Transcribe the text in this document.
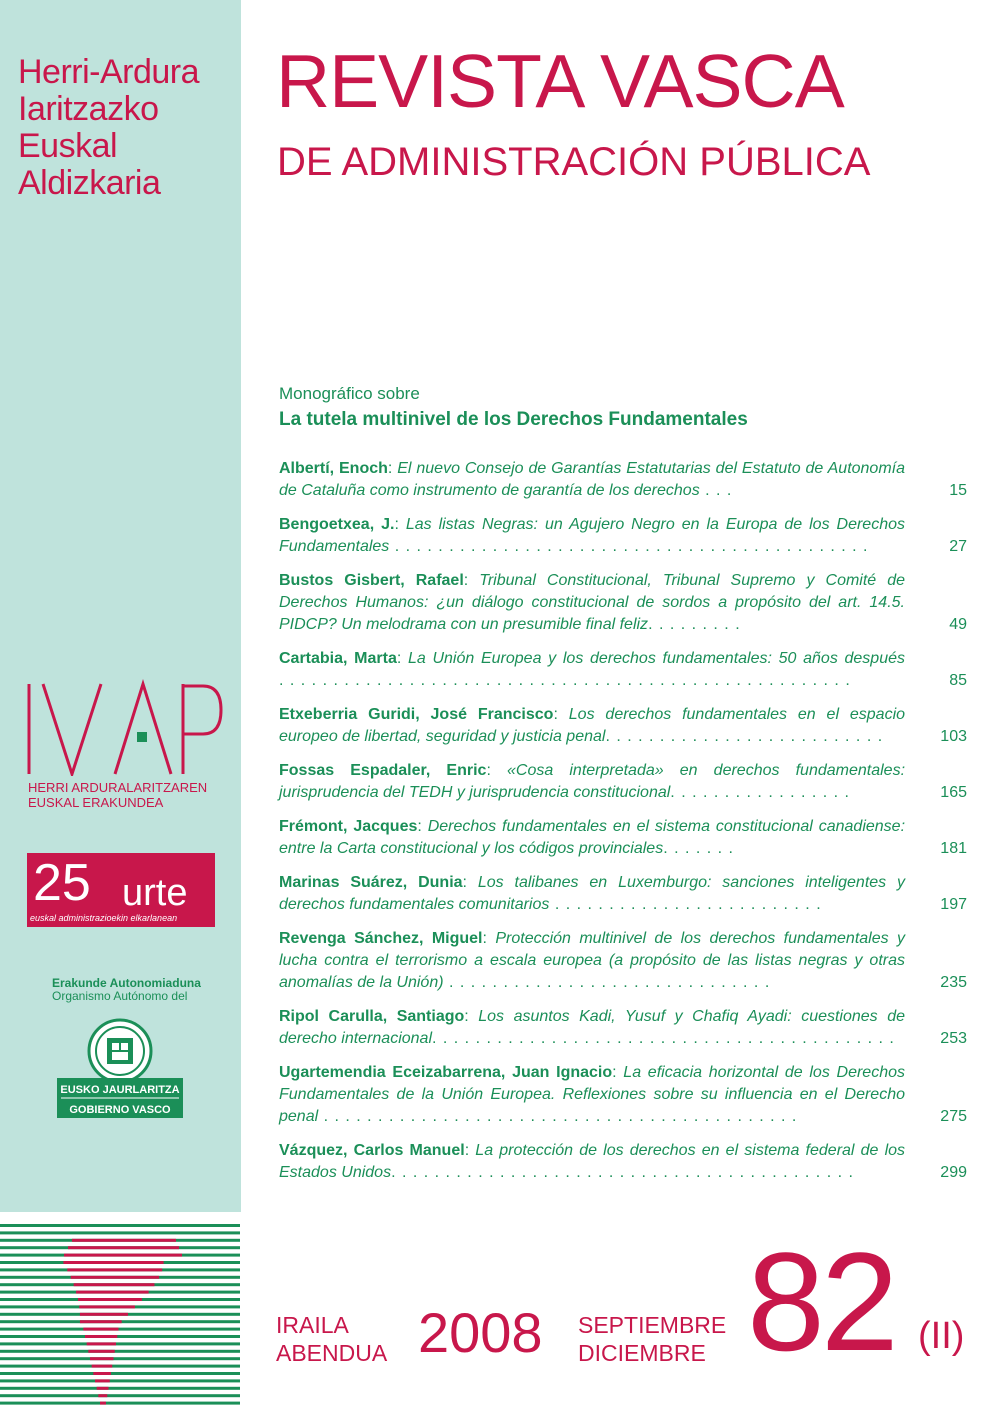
Herri-Ardura
Iaritzazko
Euskal
Aldizkaria
REVISTA VASCA
DE ADMINISTRACIÓN PÚBLICA
Monográfico sobre
La tutela multinivel de los Derechos Fundamentales
Albertí, Enoch: El nuevo Consejo de Garantías Estatutarias del Estatuto de Autonomía de Cataluña como instrumento de garantía de los derechos . . .	15
Bengoetxea, J.: Las listas Negras: un Agujero Negro en la Europa de los Derechos Fundamentales . . . . . . . . . . . . . . . . . . . . . . . . . . . . . . . . . . . . . . . . . . . .	27
Bustos Gisbert, Rafael: Tribunal Constitucional, Tribunal Supremo y Comité de Derechos Humanos: ¿un diálogo constitucional de sordos a propósito del art. 14.5. PIDCP? Un melodrama con un presumible final feliz. . . . . . . . .	49
Cartabia, Marta: La Unión Europea y los derechos fundamentales: 50 años después . . . . . . . . . . . . . . . . . . . . . . . . . . . . . . . . . . . . . . . . . . . . . . . . . . . . .	85
Etxeberria Guridi, José Francisco: Los derechos fundamentales en el espacio europeo de libertad, seguridad y justicia penal. . . . . . . . . . . . . . . . . . . . . . . . . .	103
Fossas Espadaler, Enric: «Cosa interpretada» en derechos fundamentales: jurisprudencia del TEDH y jurisprudencia constitucional. . . . . . . . . . . . . . . . .	165
Frémont, Jacques: Derechos fundamentales en el sistema constitucional canadiense: entre la Carta constitucional y los códigos provinciales. . . . . . .	181
Marinas Suárez, Dunia: Los talibanes en Luxemburgo: sanciones inteligentes y derechos fundamentales comunitarios . . . . . . . . . . . . . . . . . . . . . . . . .	197
Revenga Sánchez, Miguel: Protección multinivel de los derechos fundamentales y lucha contra el terrorismo a escala europea (a propósito de las listas negras y otras anomalías de la Unión) . . . . . . . . . . . . . . . . . . . . . . . . . . . . . .	235
Ripol Carulla, Santiago: Los asuntos Kadi, Yusuf y Chafiq Ayadi: cuestiones de derecho internacional. . . . . . . . . . . . . . . . . . . . . . . . . . . . . . . . . . . . . . . . . . .	253
Ugartemendia Eceizabarrena, Juan Ignacio: La eficacia horizontal de los Derechos Fundamentales de la Unión Europea. Reflexiones sobre su influencia en el Derecho penal . . . . . . . . . . . . . . . . . . . . . . . . . . . . . . . . . . . . . . . . . . . .	275
Vázquez, Carlos Manuel: La protección de los derechos en el sistema federal de los Estados Unidos. . . . . . . . . . . . . . . . . . . . . . . . . . . . . . . . . . . . . . . . . . .	299
HERRI ARDURALARITZAREN
EUSKAL ERAKUNDEA
25 urte
euskal administrazioekin elkarlanean
Erakunde Autonomiaduna
Organismo Autónomo del
EUSKO JAURLARITZA
GOBIERNO VASCO
IRAILA
ABENDUA 2008 SEPTIEMBRE
DICIEMBRE 82 (II)
